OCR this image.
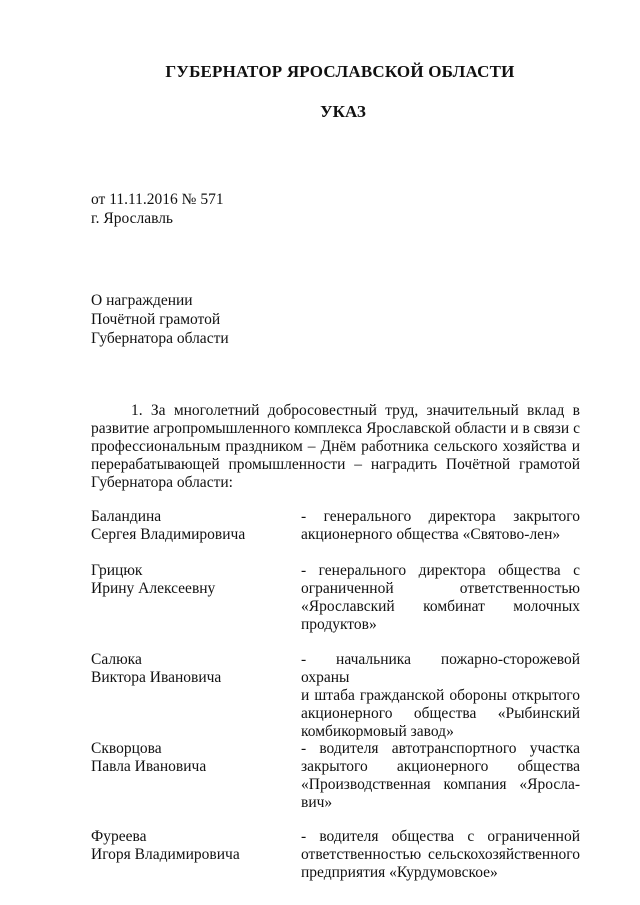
ГУБЕРНАТОР ЯРОСЛАВСКОЙ ОБЛАСТИ
УКАЗ
от 11.11.2016 № 571
г. Ярославль
О награждении
Почётной грамотой
Губернатора области
1. За многолетний добросовестный труд, значительный вклад в
развитие агропромышленного комплекса Ярославской области и в связи с
профессиональным праздником – Днём работника сельского хозяйства и
перерабатывающей промышленности – наградить Почётной грамотой
Губернатора области:
Баландина
Сергея Владимировича
- генерального директора закрытого
акционерного общества «Святово-лен»
Грицюк
Ирину Алексеевну
- генерального директора общества с
ограниченной ответственностью
«Ярославский комбинат молочных
продуктов»
Салюка
Виктора Ивановича
- начальника пожарно-сторожевой охраны
и штаба гражданской обороны открытого
акционерного общества «Рыбинский
комбикормовый завод»
Скворцова
Павла Ивановича
- водителя автотранспортного участка
закрытого акционерного общества
«Производственная компания «Яросла-
вич»
Фуреева
Игоря Владимировича
- водителя общества с ограниченной
ответственностью сельскохозяйственного
предприятия «Курдумовское»
